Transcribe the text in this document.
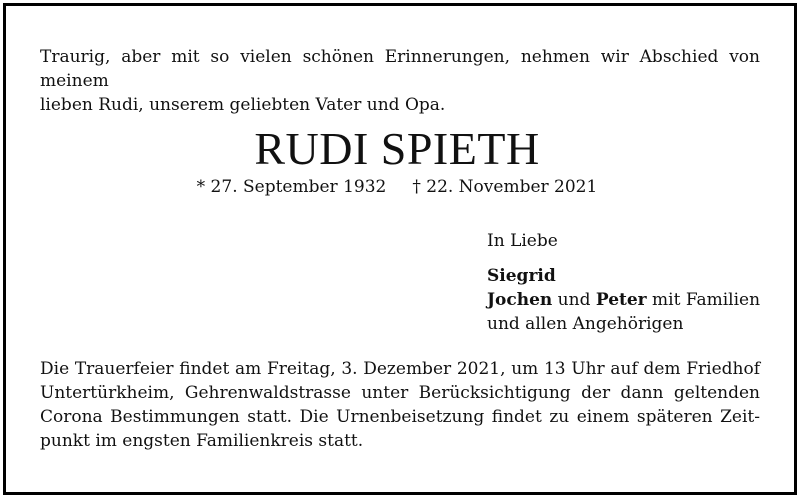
Traurig, aber mit so vielen schönen Erinnerungen, nehmen wir Abschied von meinem
lieben Rudi, unserem geliebten Vater und Opa.
RUDI SPIETH
* 27. September 1932 † 22. November 2021
In Liebe
Siegrid
Jochen und Peter mit Familien
und allen Angehörigen
Die Trauerfeier findet am Freitag, 3. Dezember 2021, um 13 Uhr auf dem Friedhof
Untertürkheim, Gehrenwaldstrasse unter Berücksichtigung der dann geltenden
Corona Bestimmungen statt. Die Urnenbeisetzung findet zu einem späteren Zeit-
punkt im engsten Familienkreis statt.
